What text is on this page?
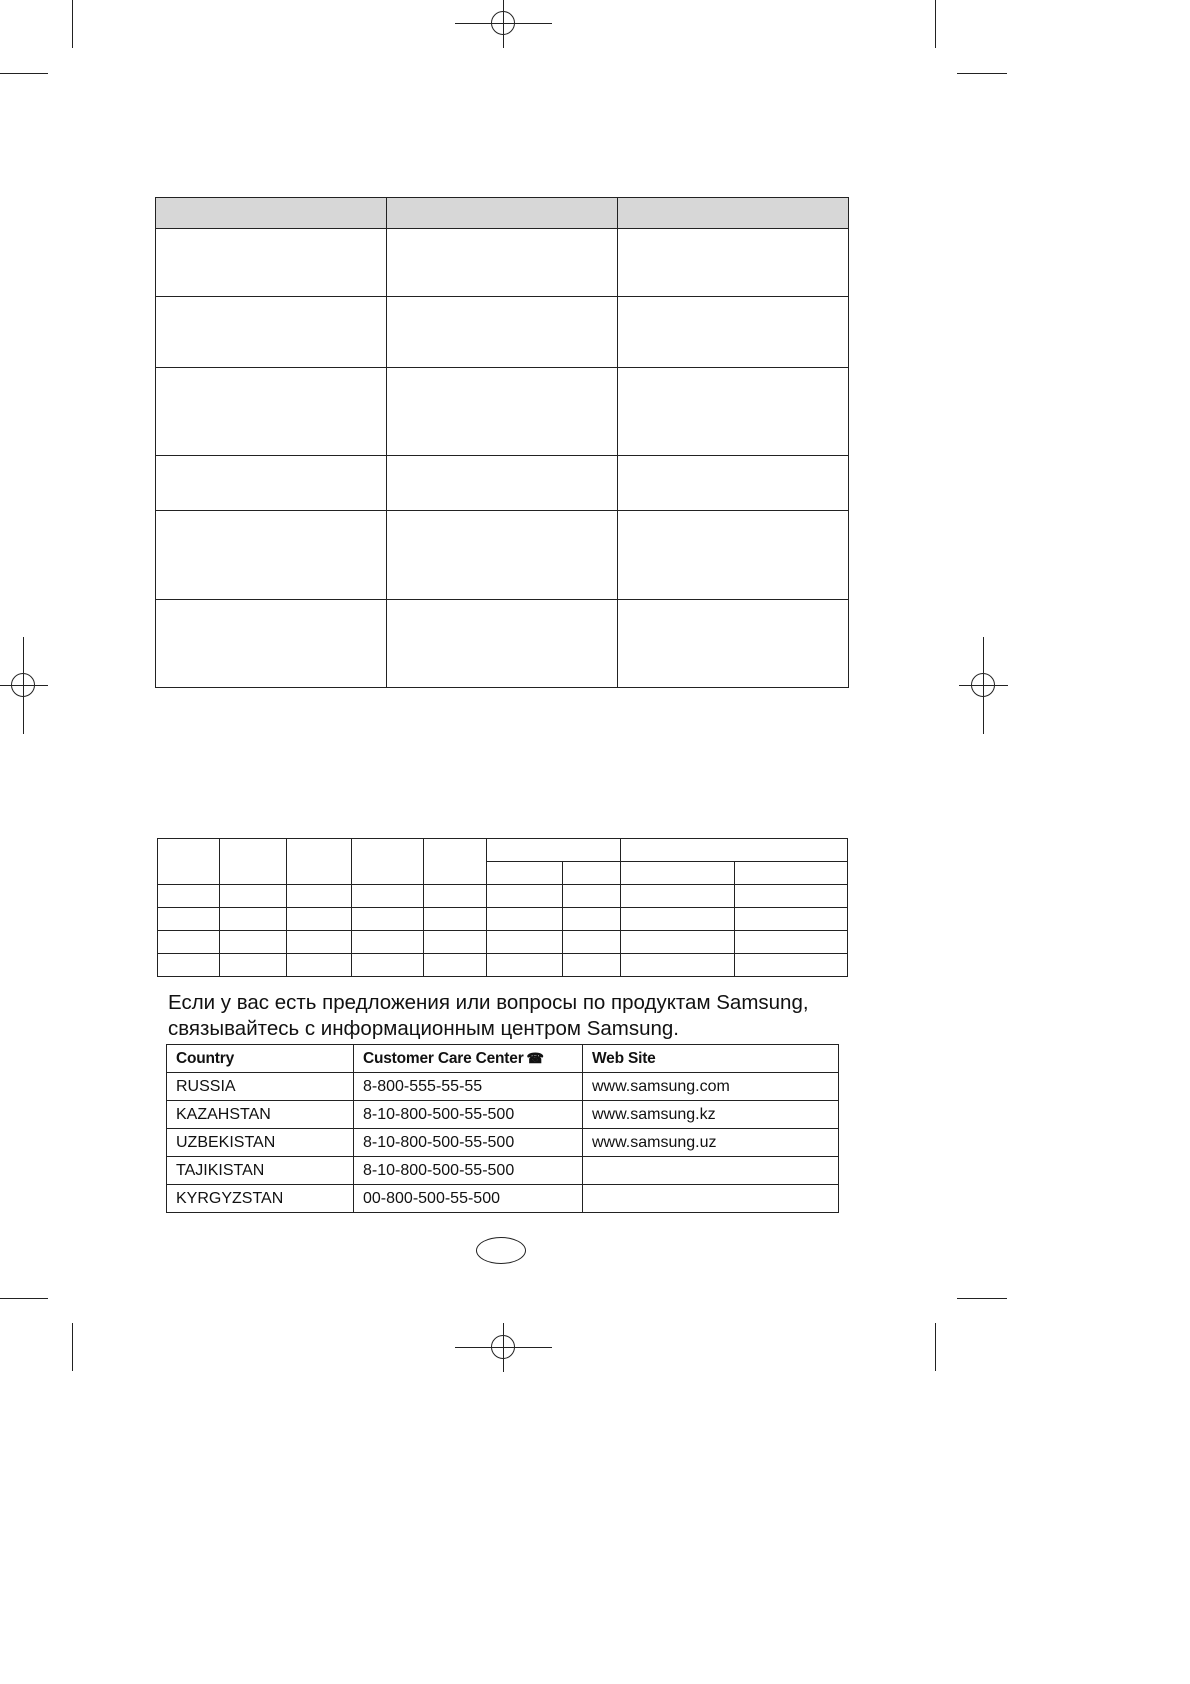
Если у вас есть предложения или вопросы по продуктам Samsung,
связывайтесь с информационным центром Samsung.
Country	Customer Care Center ☎	Web Site
RUSSIA	8-800-555-55-55	www.samsung.com
KAZAHSTAN	8-10-800-500-55-500	www.samsung.kz
UZBEKISTAN	8-10-800-500-55-500	www.samsung.uz
TAJIKISTAN	8-10-800-500-55-500	
KYRGYZSTAN	00-800-500-55-500	
